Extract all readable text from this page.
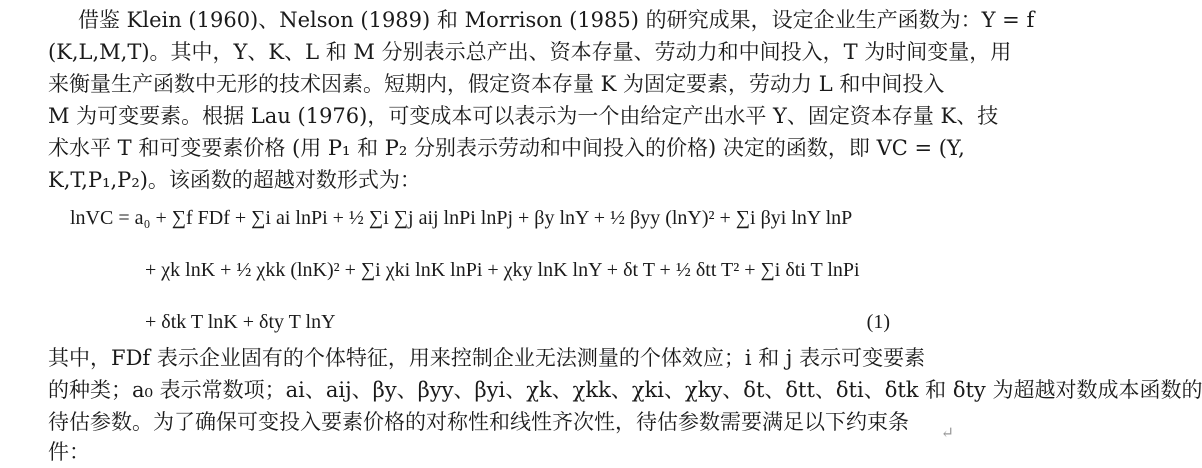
借鉴 Klein (1960)、Nelson (1989) 和 Morrison (1985) 的研究成果，设定企业生产函数为：Y = f
(K,L,M,T)。其中，Y、K、L 和 M 分别表示总产出、资本存量、劳动力和中间投入，T 为时间变量，用
来衡量生产函数中无形的技术因素。短期内，假定资本存量 K 为固定要素，劳动力 L 和中间投入
M 为可变要素。根据 Lau (1976)，可变成本可以表示为一个由给定产出水平 Y、固定资本存量 K、技
术水平 T 和可变要素价格 (用 P₁ 和 P₂ 分别表示劳动和中间投入的价格) 决定的函数，即 VC = (Y,
K,T,P₁,P₂)。该函数的超越对数形式为：
lnVC = a₀ + ∑f FDf + ∑i ai lnPi + ½ ∑i ∑j aij lnPi lnPj + βy lnY + ½ βyy (lnY)² + ∑i βyi lnY lnP
+ χk lnK + ½ χkk (lnK)² + ∑i χki lnK lnPi + χky lnK lnY + δt T + ½ δtt T² + ∑i δti T lnPi
+ δtk T lnK + δty T lnY	(1)
其中，FDf 表示企业固有的个体特征，用来控制企业无法测量的个体效应；i 和 j 表示可变要素
的种类；a₀ 表示常数项；ai、aij、βy、βyy、βyi、χk、χkk、χki、χky、δt、δtt、δti、δtk 和 δty 为超越对数成本函数的
待估参数。为了确保可变投入要素价格的对称性和线性齐次性，待估参数需要满足以下约束条
件：
↵
